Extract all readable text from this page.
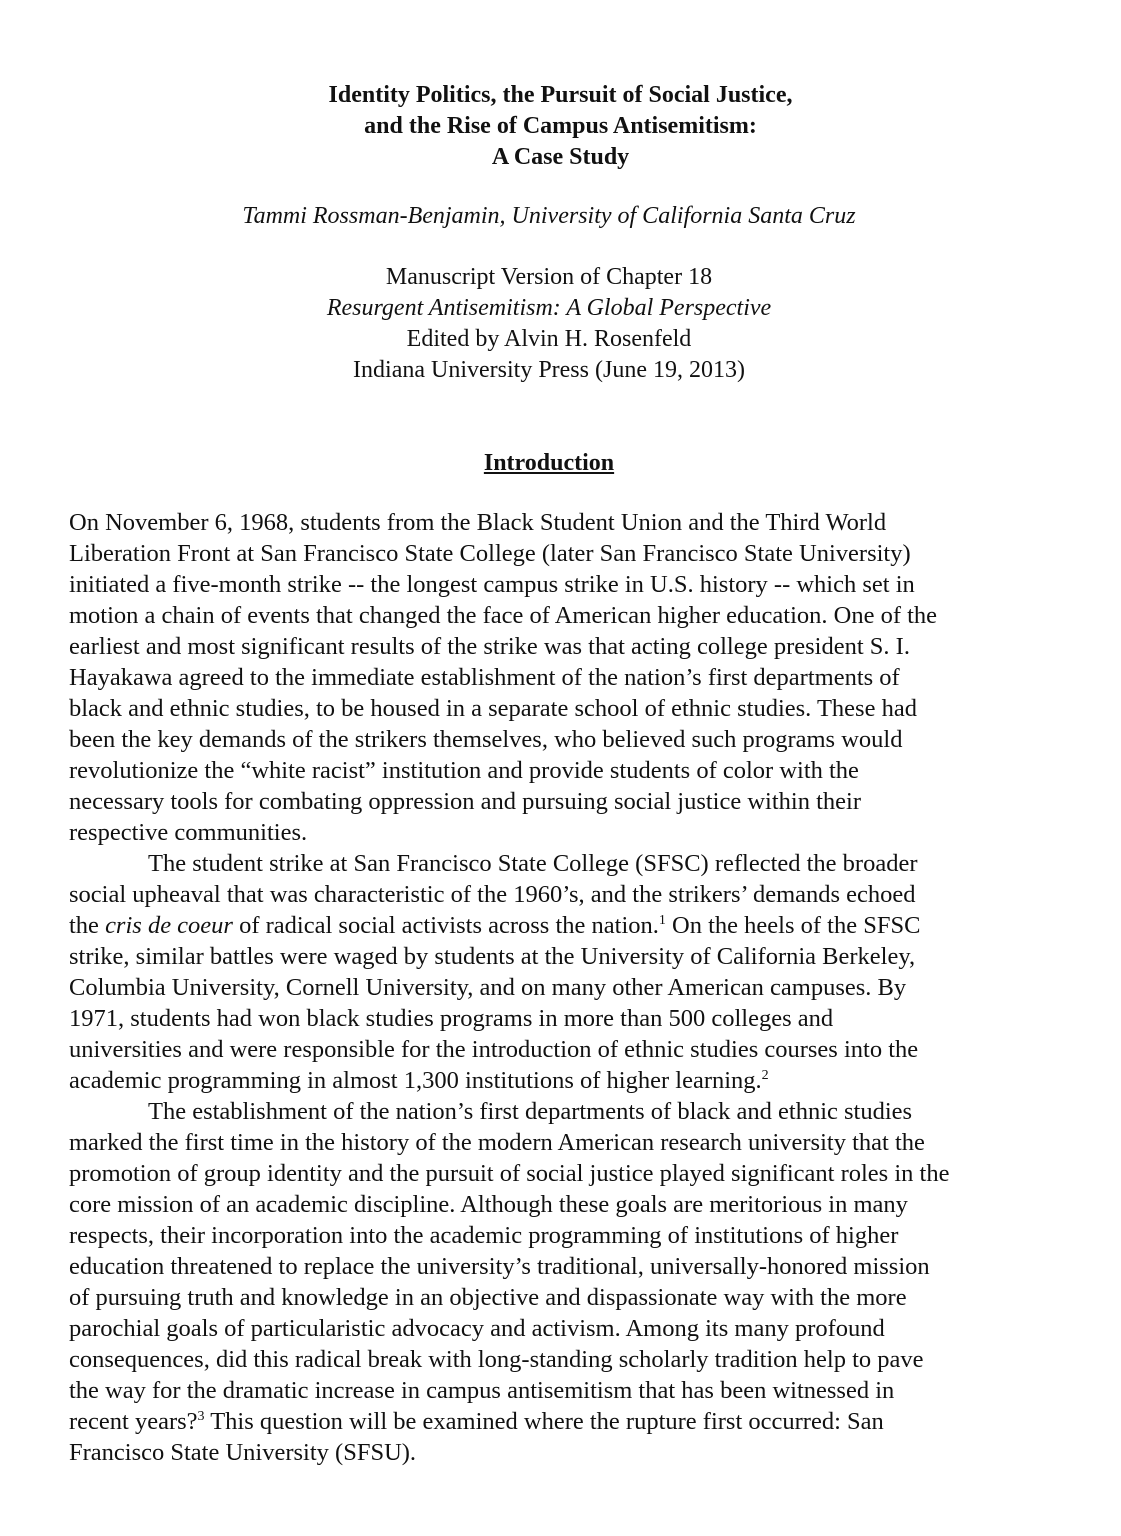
Identity Politics, the Pursuit of Social Justice,
and the Rise of Campus Antisemitism:
A Case Study
Tammi Rossman-Benjamin, University of California Santa Cruz
Manuscript Version of Chapter 18
Resurgent Antisemitism: A Global Perspective
Edited by Alvin H. Rosenfeld
Indiana University Press (June 19, 2013)
Introduction
On November 6, 1968, students from the Black Student Union and the Third World
Liberation Front at San Francisco State College (later San Francisco State University)
initiated a five-month strike -- the longest campus strike in U.S. history -- which set in
motion a chain of events that changed the face of American higher education. One of the
earliest and most significant results of the strike was that acting college president S. I.
Hayakawa agreed to the immediate establishment of the nation’s first departments of
black and ethnic studies, to be housed in a separate school of ethnic studies. These had
been the key demands of the strikers themselves, who believed such programs would
revolutionize the “white racist” institution and provide students of color with the
necessary tools for combating oppression and pursuing social justice within their
respective communities.
The student strike at San Francisco State College (SFSC) reflected the broader
social upheaval that was characteristic of the 1960’s, and the strikers’ demands echoed
the cris de coeur of radical social activists across the nation.$^1$ On the heels of the SFSC
strike, similar battles were waged by students at the University of California Berkeley,
Columbia University, Cornell University, and on many other American campuses. By
1971, students had won black studies programs in more than 500 colleges and
universities and were responsible for the introduction of ethnic studies courses into the
academic programming in almost 1,300 institutions of higher learning.$^2$
The establishment of the nation’s first departments of black and ethnic studies
marked the first time in the history of the modern American research university that the
promotion of group identity and the pursuit of social justice played significant roles in the
core mission of an academic discipline. Although these goals are meritorious in many
respects, their incorporation into the academic programming of institutions of higher
education threatened to replace the university’s traditional, universally-honored mission
of pursuing truth and knowledge in an objective and dispassionate way with the more
parochial goals of particularistic advocacy and activism. Among its many profound
consequences, did this radical break with long-standing scholarly tradition help to pave
the way for the dramatic increase in campus antisemitism that has been witnessed in
recent years?$^3$ This question will be examined where the rupture first occurred: San
Francisco State University (SFSU).
